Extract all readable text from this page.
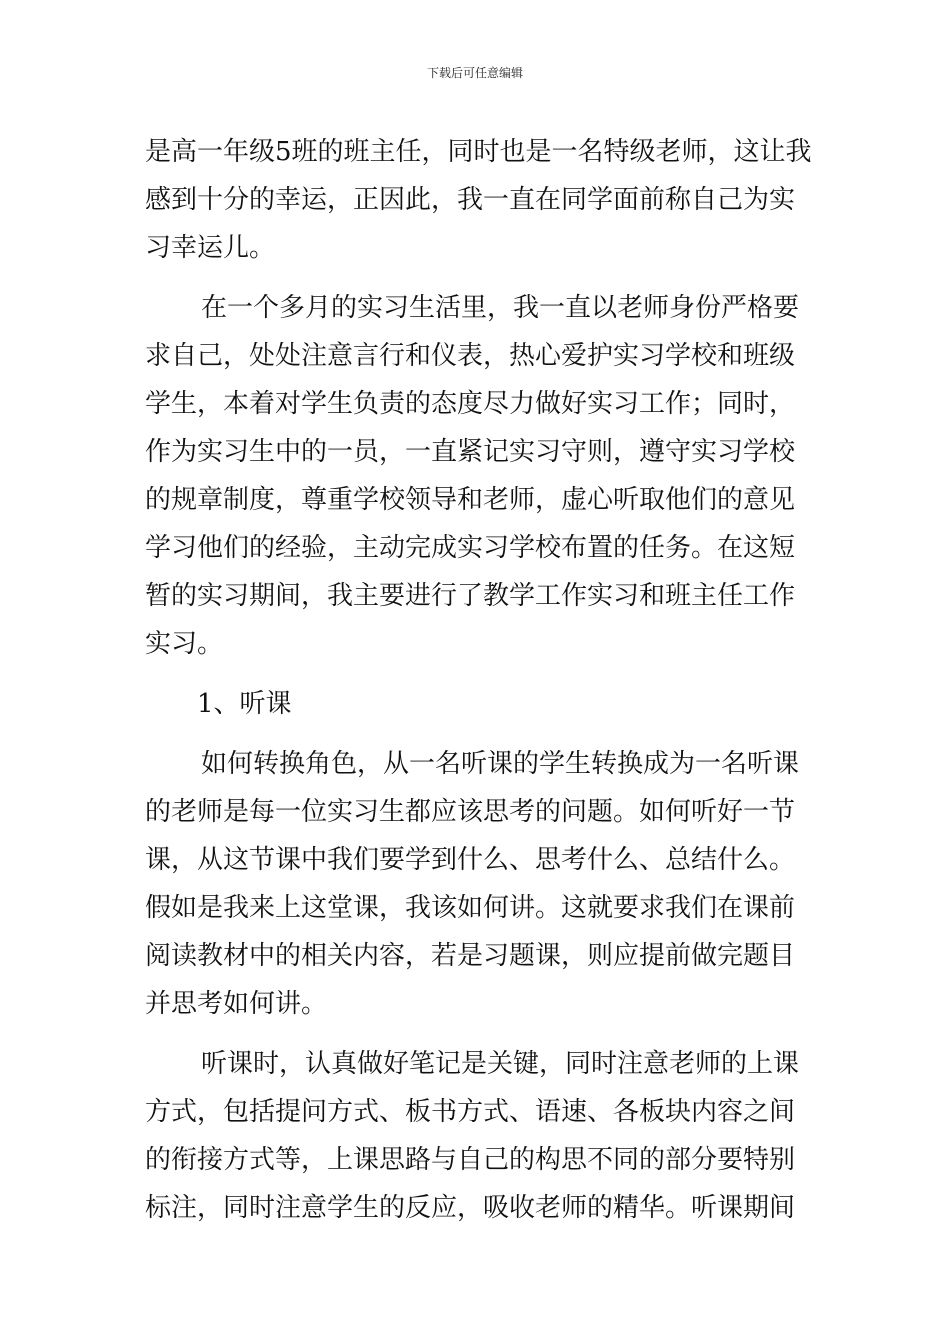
下载后可任意编辑
是高一年级5班的班主任，同时也是一名特级老师，这让我
感到十分的幸运，正因此，我一直在同学面前称自己为实
习幸运儿。
在一个多月的实习生活里，我一直以老师身份严格要
求自己，处处注意言行和仪表，热心爱护实习学校和班级
学生，本着对学生负责的态度尽力做好实习工作；同时，
作为实习生中的一员，一直紧记实习守则，遵守实习学校
的规章制度，尊重学校领导和老师，虚心听取他们的意见
学习他们的经验，主动完成实习学校布置的任务。在这短
暂的实习期间，我主要进行了教学工作实习和班主任工作
实习。
1、听课
如何转换角色，从一名听课的学生转换成为一名听课
的老师是每一位实习生都应该思考的问题。如何听好一节
课，从这节课中我们要学到什么、思考什么、总结什么。
假如是我来上这堂课，我该如何讲。这就要求我们在课前
阅读教材中的相关内容，若是习题课，则应提前做完题目
并思考如何讲。
听课时，认真做好笔记是关键，同时注意老师的上课
方式，包括提问方式、板书方式、语速、各板块内容之间
的衔接方式等，上课思路与自己的构思不同的部分要特别
标注，同时注意学生的反应，吸收老师的精华。听课期间
